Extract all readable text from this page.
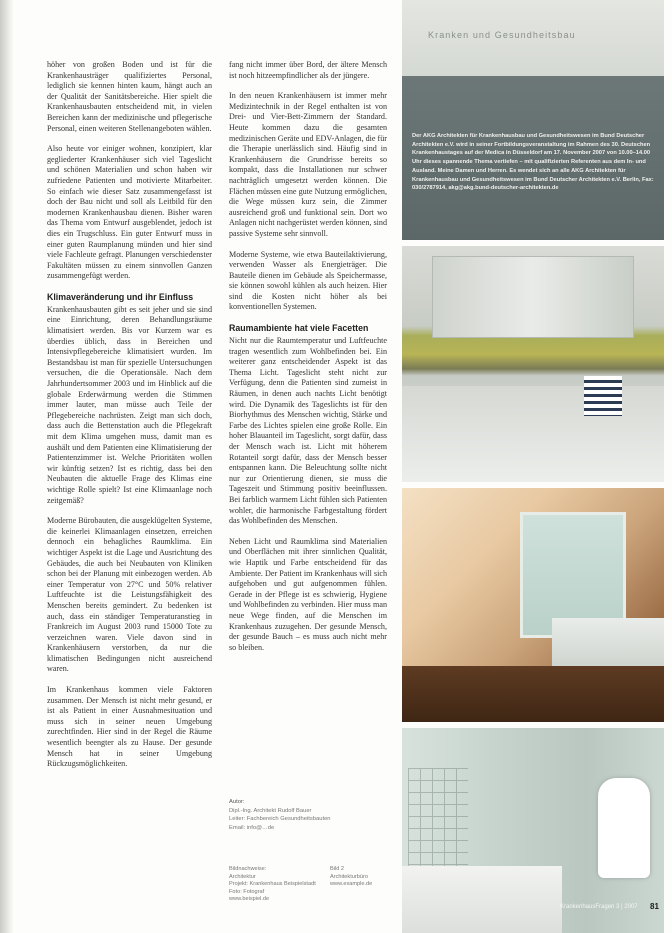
höher von großen Boden und ist für die Krankenhausträger qualifiziertes Personal, lediglich sie kennen hinten kaum, hängt auch an der Qualität der Sanitätsbereiche. Hier spielt die Krankenhausbauten entscheidend mit, in vielen Bereichen kann der medizinische und pflegerische Personal, einen weiteren Stellenangeboten wählen.

Also heute vor einiger wohnen, konzipiert, klar gegliederter Krankenhäuser sich viel Tageslicht und schönen Materialien und schon haben wir zufriedene Patienten und motivierte Mitarbeiter. So einfach wie dieser Satz zusammengefasst ist doch der Bau nicht und soll als Leitbild für den modernen Krankenhausbau dienen. Bisher waren das Thema vom Entwurf ausgeblendet, jedoch ist dies ein Trugschluss. Ein guter Entwurf muss in einer guten Raumplanung münden und hier sind viele Fachleute gefragt. Planungen verschiedenster Fakultäten müssen zu einem sinnvollen Ganzen zusammengefügt werden.

Klimaveränderung und ihr Einfluss

Krankenhausbauten gibt es seit jeher und sie sind eine Einrichtung, deren Behandlungsräume klimatisiert werden. Bis vor Kurzem war es überdies üblich, dass in Bereichen und Intensivpflegebereiche klimatisiert wurden. Im Bestandsbau ist man für spezielle Untersuchungen versuchen, die die Operationsäle. Nach dem Jahrhundertsommer 2003 und im Hinblick auf die globale Erderwärmung werden die Stimmen immer lauter, man müsse auch Teile der Pflegebereiche nachrüsten. Zeigt man sich doch, dass auch die Bettenstation auch die Pflegekraft mit dem Klima umgehen muss, damit man es aushält und dem Patienten eine Klimatisierung der Patientenzimmer ist. Welche Prioritäten wollen wir künftig setzen? Ist es richtig, dass bei den Neubauten die aktuelle Frage des Klimas eine wichtige Rolle spielt? Ist eine Klimaanlage noch zeitgemäß?

Moderne Bürobauten, die ausgeklügelten Systeme, die keinerlei Klimaanlagen einsetzen, erreichen dennoch ein behagliches Raumklima. Ein wichtiger Aspekt ist die Lage und Ausrichtung des Gebäudes, die auch bei Neubauten von Kliniken schon bei der Planung mit einbezogen werden. Ab einer Temperatur von 27°C und 50% relativer Luftfeuchte ist die Leistungsfähigkeit des Menschen bereits gemindert. Zu bedenken ist auch, dass ein ständiger Temperaturanstieg in Frankreich im August 2003 rund 15000 Tote zu verzeichnen waren. Viele davon sind in Krankenhäusern verstorben, da nur die klimatischen Bedingungen nicht ausreichend waren.

Im Krankenhaus kommen viele Faktoren zusammen. Der Mensch ist nicht mehr gesund, er ist als Patient in einer Ausnahmesituation und muss sich in seiner neuen Umgebung zurechtfinden. Hier sind in der Regel die Räume wesentlich beengter als zu Hause. Der gesunde Mensch hat in seiner Umgebung Rückzugsmöglichkeiten.

fang nicht immer über Bord, der ältere Mensch ist noch hitzeempfindlicher als der jüngere.

In den neuen Krankenhäusern ist immer mehr Medizintechnik in der Regel enthalten ist von Drei- und Vier-Bett-Zimmern der Standard. Heute kommen dazu die gesamten medizinischen Geräte und EDV-Anlagen, die für die Therapie unerlässlich sind. Häufig sind in Krankenhäusern die Grundrisse bereits so kompakt, dass die Installationen nur schwer nachträglich umgesetzt werden können. Die Flächen müssen eine gute Nutzung ermöglichen, die Wege müssen kurz sein, die Zimmer ausreichend groß und funktional sein. Dort wo Anlagen nicht nachgerüstet werden können, sind passive Systeme sehr sinnvoll.

Moderne Systeme, wie etwa Bauteilaktivierung, verwenden Wasser als Energieträger. Die Bauteile dienen im Gebäude als Speichermasse, sie können sowohl kühlen als auch heizen. Hier sind die Kosten nicht höher als bei konventionellen Systemen.

Raumambiente hat viele Facetten

Nicht nur die Raumtemperatur und Luftfeuchte tragen wesentlich zum Wohlbefinden bei. Ein weiterer ganz entscheidender Aspekt ist das Thema Licht. Tageslicht steht nicht zur Verfügung, denn die Patienten sind zumeist in Räumen, in denen auch nachts Licht benötigt wird. Die Dynamik des Tageslichts ist für den Biorhythmus des Menschen wichtig, Stärke und Farbe des Lichtes spielen eine große Rolle. Ein hoher Blauanteil im Tageslicht, sorgt dafür, dass der Mensch wach ist. Licht mit höherem Rotanteil sorgt dafür, dass der Mensch besser entspannen kann. Die Beleuchtung sollte nicht nur zur Orientierung dienen, sie muss die Tageszeit und Stimmung positiv beeinflussen. Bei farblich warmem Licht fühlen sich Patienten wohler, die harmonische Farbgestaltung fördert das Wohlbefinden des Menschen.

Neben Licht und Raumklima sind Materialien und Oberflächen mit ihrer sinnlichen Qualität, wie Haptik und Farbe entscheidend für das Ambiente. Der Patient im Krankenhaus will sich aufgehoben und gut aufgenommen fühlen. Gerade in der Pflege ist es schwierig, Hygiene und Wohlbefinden zu verbinden. Hier muss man neue Wege finden, auf die Menschen im Krankenhaus zuzugehen. Der gesunde Mensch, der gesunde Bauch – es muss auch nicht mehr so bleiben.

Autor:
Dipl.-Ing. Architekt Rudolf Bauer
Leiter: Fachbereich Gesundheitsbauten
Email: info@…de
Bildnachweise:
Architektur
Projekt: Krankenhaus Beispielstadt
Foto: Fotograf
www.beispiel.de
Bild 2
Architekturbüro
www.example.de
Kranken und Gesundheitsbau

Der AKG Architekten für Krankenhausbau und Gesundheitswesen im Bund Deutscher Architekten e.V. wird in seiner Fortbildungsveranstaltung im Rahmen des 30. Deutschen Krankenhaustages auf der Medica in Düsseldorf am 17. November 2007 von 10.00–14.00 Uhr dieses spannende Thema vertiefen – mit qualifizierten Referenten aus dem In- und Ausland. Meine Damen und Herren. Es wendet sich an alle AKG Architekten für Krankenhausbau und Gesundheitswesen im Bund Deutscher Architekten e.V. Berlin, Fax: 030/2787914, akg@akg.bund-deutscher-architekten.de

KrankenhausFragen 3 | 2007 81
